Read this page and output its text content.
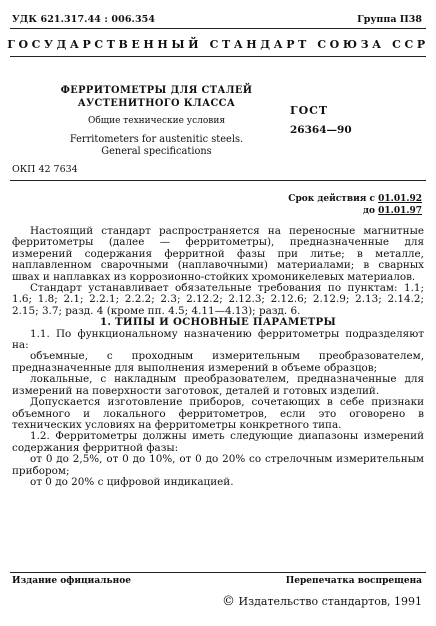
УДК 621.317.44 : 006.354	Группа П38
ГОСУДАРСТВЕННЫЙ СТАНДАРТ СОЮЗА ССР
ФЕРРИТОМЕТРЫ ДЛЯ СТАЛЕЙ
АУСТЕНИТНОГО КЛАССА
Общие технические условия
Ferritometers for austenitic steels.
General specifications
ГОСТ
26364—90
ОКП 42 7634
Срок действия с 01.01.92
до 01.01.97

Настоящий стандарт распространяется на переносные магнитные ферритометры (далее — ферритометры), предназначенные для измерений содержания ферритной фазы при литье; в металле, наплавленном сварочными (наплавочными) материалами; в сварных швах и наплавках из коррозионно-стойких хромоникелевых материалов.

Стандарт устанавливает обязательные требования по пунктам: 1.1; 1.6; 1.8; 2.1; 2.2.1; 2.2.2; 2.3; 2.12.2; 2.12.3; 2.12.6; 2.12.9; 2.13; 2.14.2; 2.15; 3.7; разд. 4 (кроме пп. 4.5; 4.11—4.13); разд. 6.

1. ТИПЫ И ОСНОВНЫЕ ПАРАМЕТРЫ

1.1. По функциональному назначению ферритометры подразделяют на:

объемные, с проходным измерительным преобразователем, предназначенные для выполнения измерений в объеме образцов;

локальные, с накладным преобразователем, предназначенные для измерений на поверхности заготовок, деталей и готовых изделий.

Допускается изготовление приборов, сочетающих в себе признаки объемного и локального ферритометров, если это оговорено в технических условиях на ферритометры конкретного типа.

1.2. Ферритометры должны иметь следующие диапазоны измерений содержания ферритной фазы:

от 0 до 2,5%, от 0 до 10%, от 0 до 20% со стрелочным измерительным прибором;

от 0 до 20% с цифровой индикацией.

Издание официальное	Перепечатка воспрещена
© Издательство стандартов, 1991
